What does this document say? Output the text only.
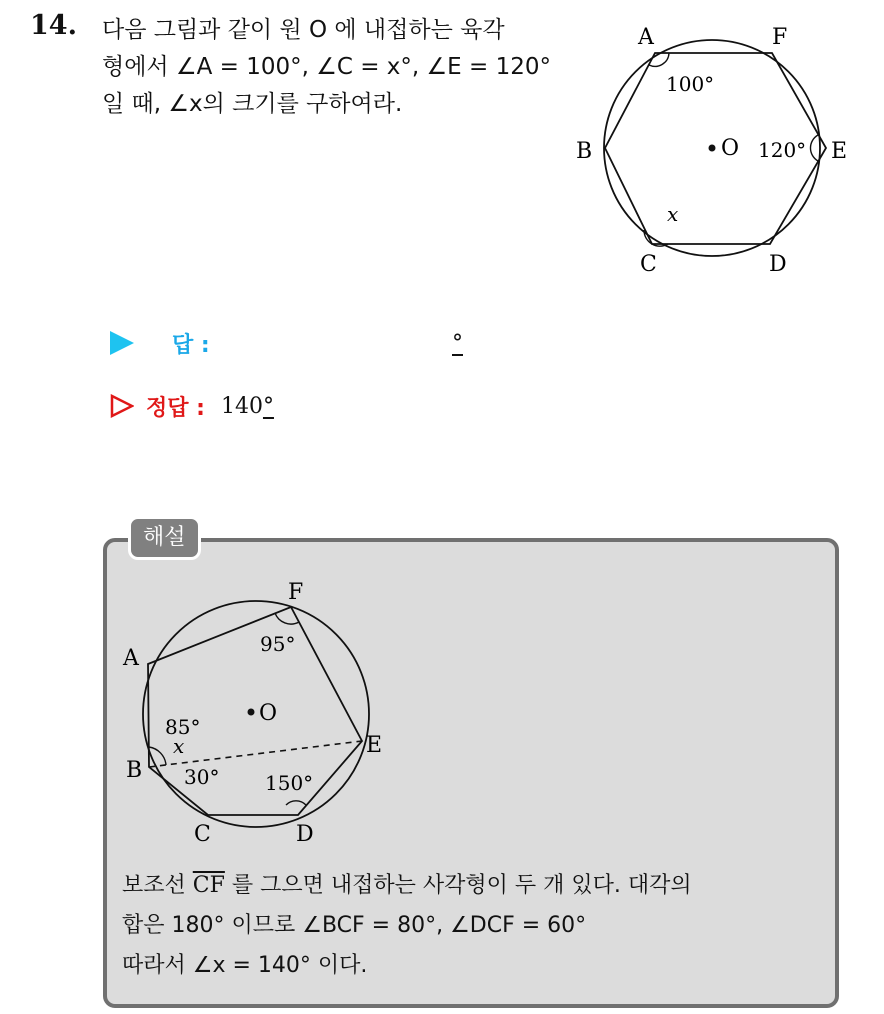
14. 다음 그림과 같이 원 O 에 내접하는 육각
형에서 ∠A = 100°, ∠C = x°, ∠E = 120°
일 때, ∠x의 크기를 구하여라.
O
A	F
B	E
C	D
100°
120°
x
답 :	°
정답 : 140°
해설
O
F
A
E
B
C	D
95°
85°
x
30° 150°
보조선 $\overline{CF}$ 를 그으면 내접하는 사각형이 두 개 있다. 대각의
합은 180° 이므로 ∠BCF = 80°, ∠DCF = 60°
따라서 ∠x = 140° 이다.
